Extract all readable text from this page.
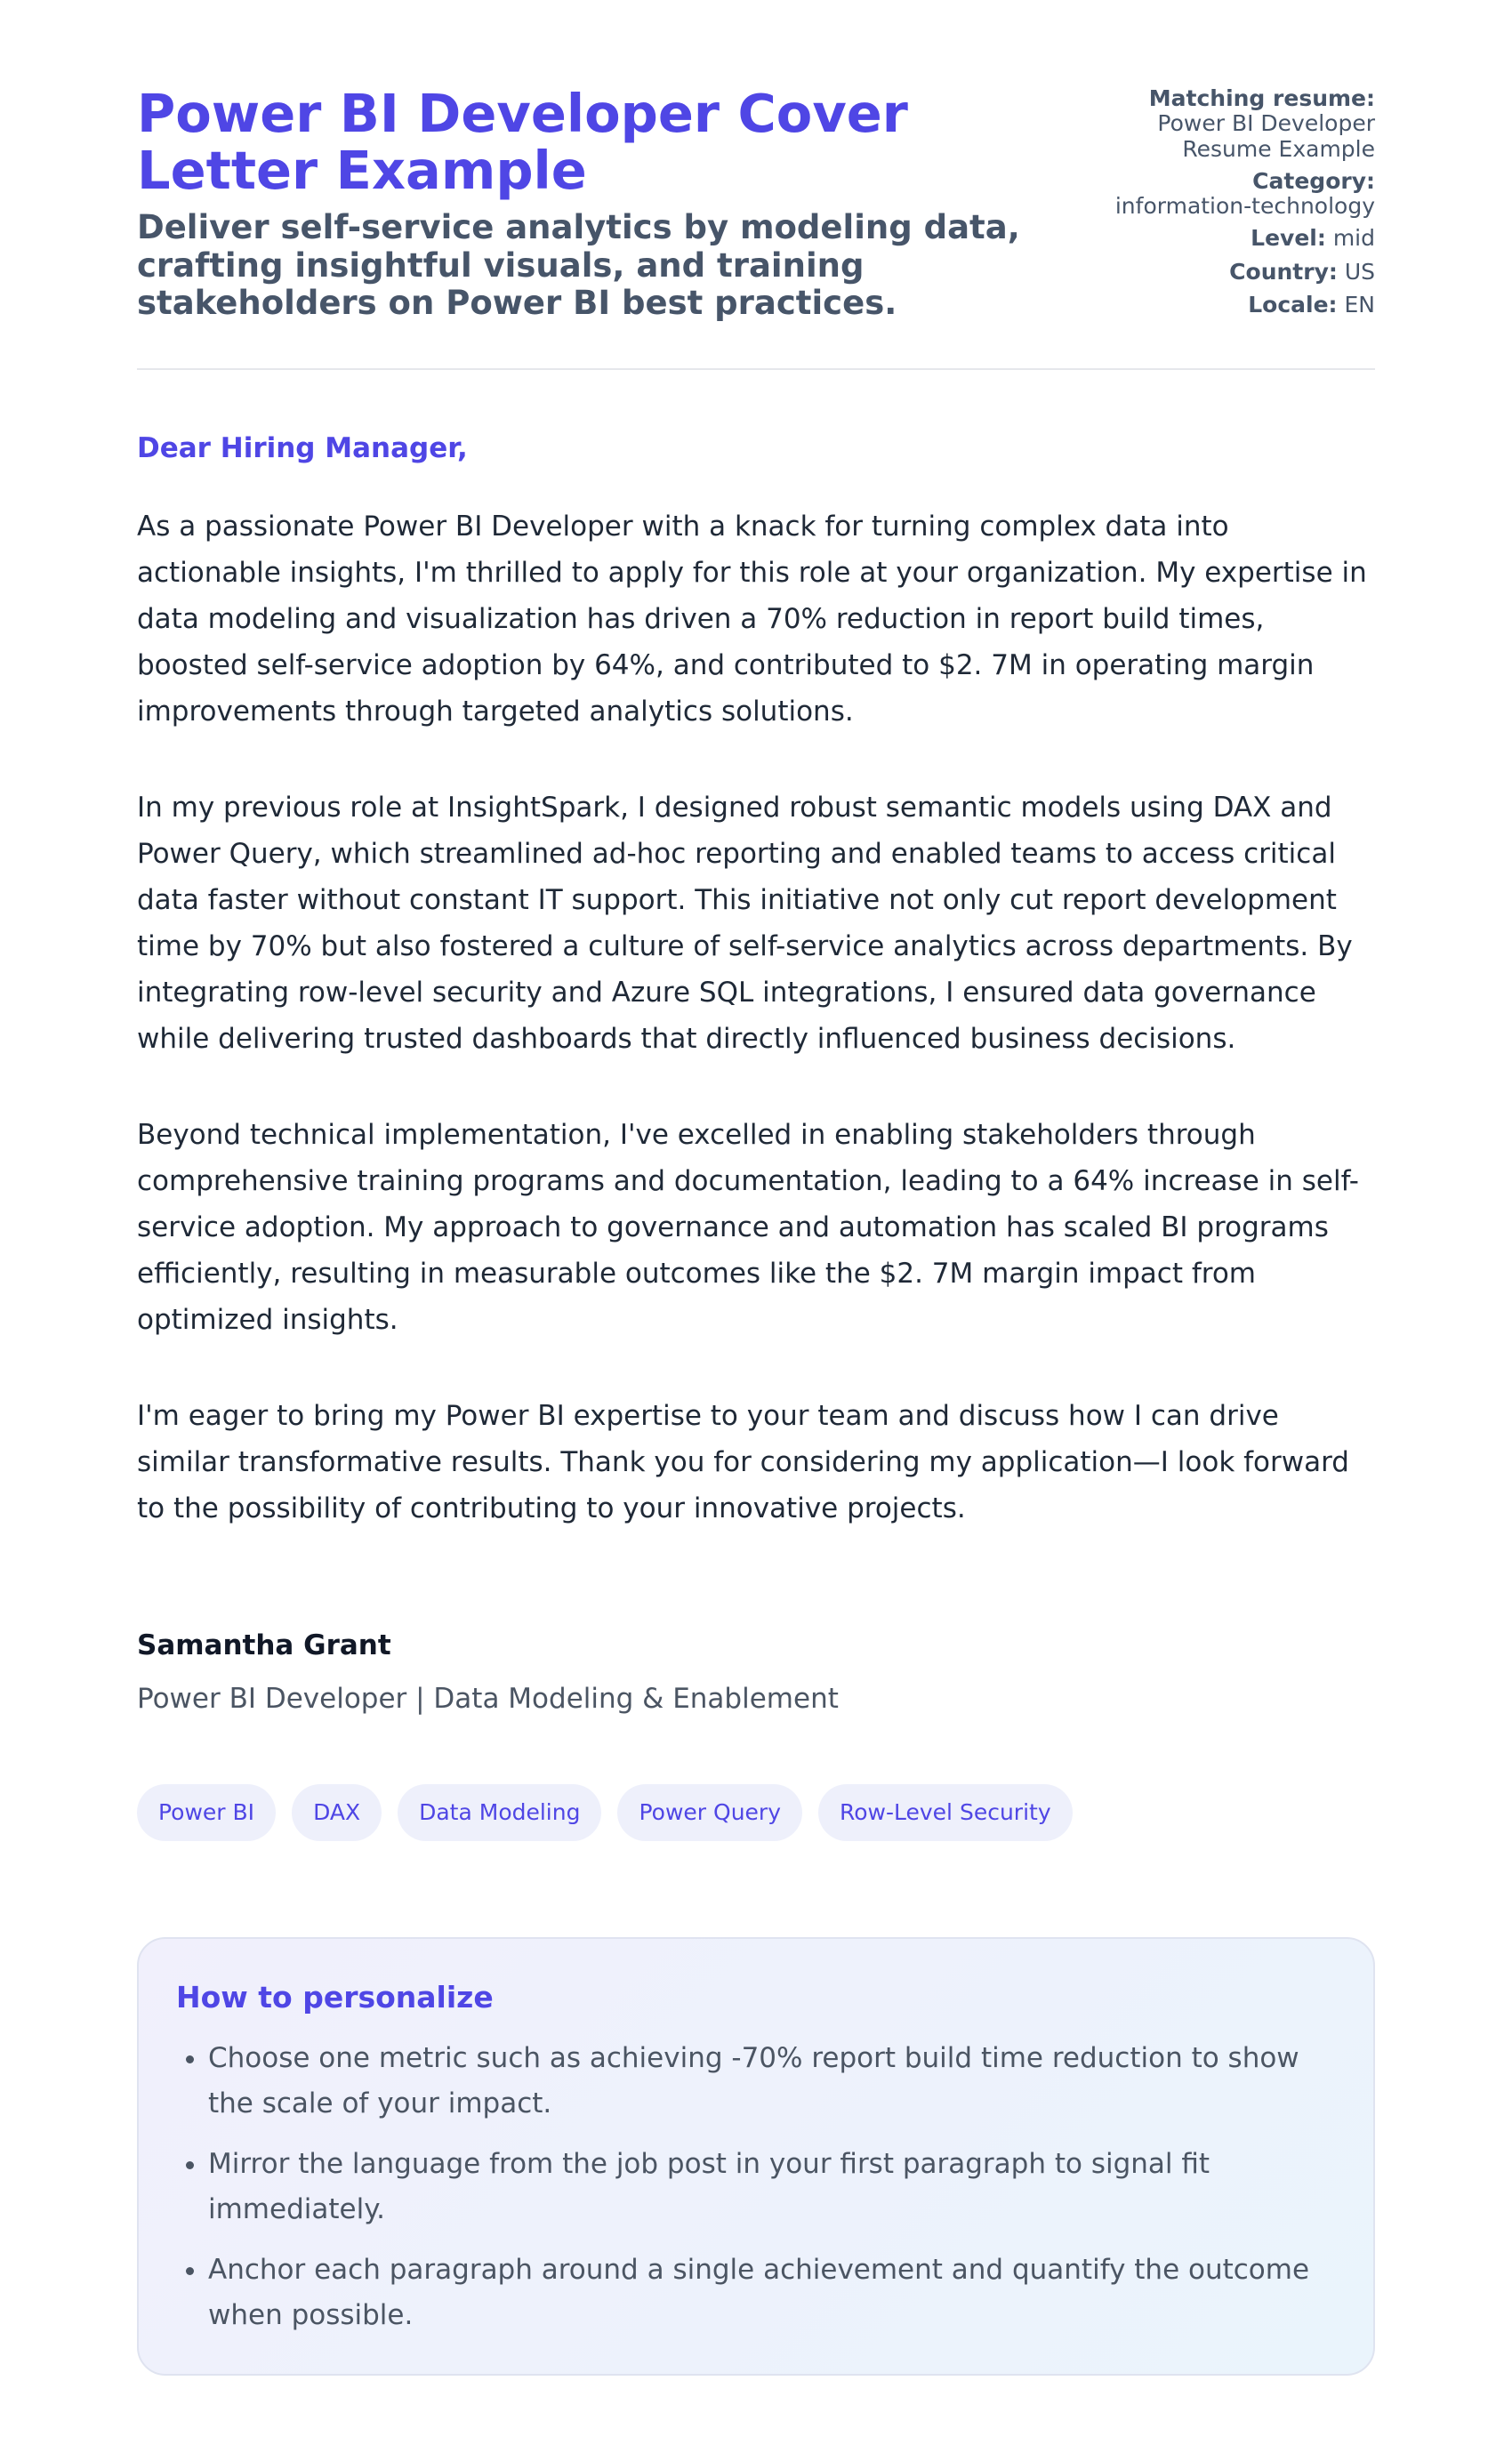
Power BI Developer Cover Letter Example
Deliver self-service analytics by modeling data, crafting insightful visuals, and training stakeholders on Power BI best practices.
Matching resume:
Power BI Developer Resume Example
Category:
information-technology
Level: mid
Country: US
Locale: EN

Dear Hiring Manager,

As a passionate Power BI Developer with a knack for turning complex data into actionable insights, I'm thrilled to apply for this role at your organization. My expertise in data modeling and visualization has driven a 70% reduction in report build times, boosted self-service adoption by 64%, and contributed to $2. 7M in operating margin improvements through targeted analytics solutions.

In my previous role at InsightSpark, I designed robust semantic models using DAX and Power Query, which streamlined ad-hoc reporting and enabled teams to access critical data faster without constant IT support. This initiative not only cut report development time by 70% but also fostered a culture of self-service analytics across departments. By integrating row-level security and Azure SQL integrations, I ensured data governance while delivering trusted dashboards that directly influenced business decisions.

Beyond technical implementation, I've excelled in enabling stakeholders through comprehensive training programs and documentation, leading to a 64% increase in self-service adoption. My approach to governance and automation has scaled BI programs efficiently, resulting in measurable outcomes like the $2. 7M margin impact from optimized insights.

I'm eager to bring my Power BI expertise to your team and discuss how I can drive similar transformative results. Thank you for considering my application—I look forward to the possibility of contributing to your innovative projects.

Samantha Grant

Power BI Developer | Data Modeling & Enablement

Power BI	DAX	Data Modeling	Power Query	Row-Level Security
How to personalize
• Choose one metric such as achieving -70% report build time reduction to show the scale of your impact.
• Mirror the language from the job post in your first paragraph to signal fit immediately.
• Anchor each paragraph around a single achievement and quantify the outcome when possible.
